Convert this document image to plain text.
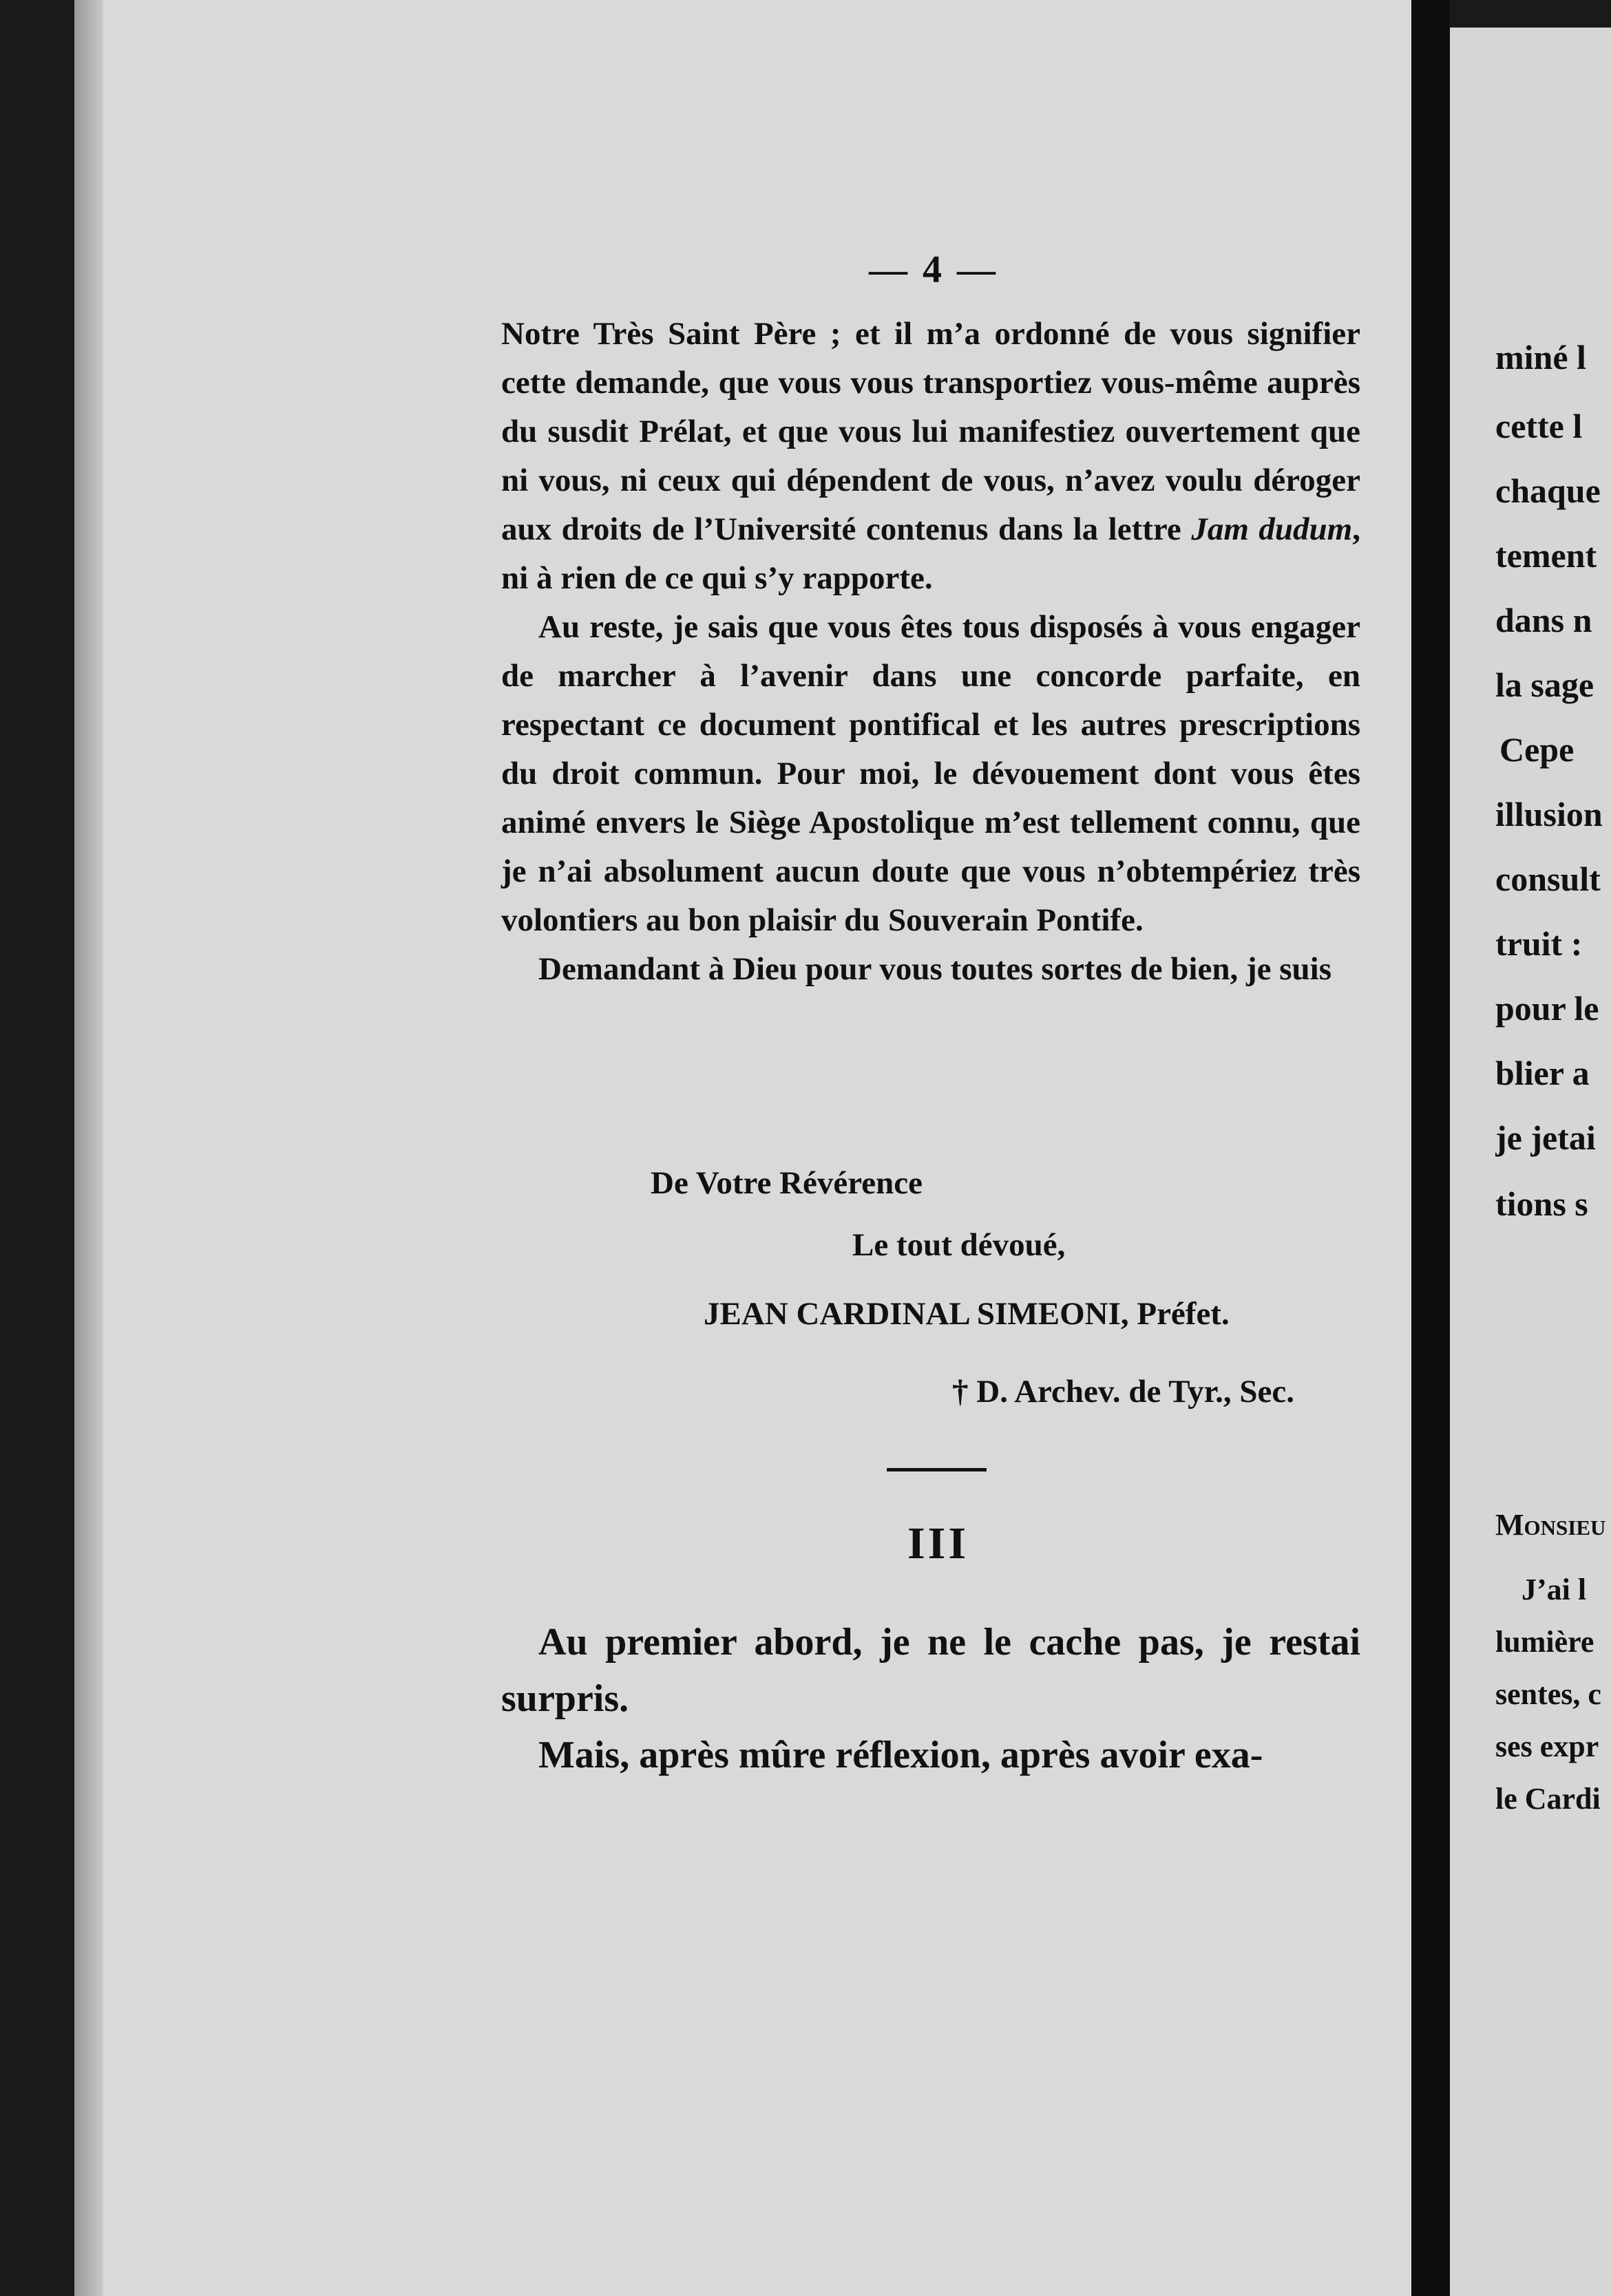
— 4 —

Notre Très Saint Père ; et il m’a ordonné de vous signifier cette demande, que vous vous transportiez vous-même auprès du susdit Prélat, et que vous lui manifestiez ouvertement que ni vous, ni ceux qui dépendent de vous, n’avez voulu déroger aux droits de l’Université contenus dans la lettre Jam dudum, ni à rien de ce qui s’y rapporte.

Au reste, je sais que vous êtes tous disposés à vous engager de marcher à l’avenir dans une concorde parfaite, en respectant ce document pontifical et les autres prescriptions du droit commun. Pour moi, le dévouement dont vous êtes animé envers le Siège Apostolique m’est tellement connu, que je n’ai absolument aucun doute que vous n’obtempériez très volontiers au bon plaisir du Souverain Pontife.

Demandant à Dieu pour vous toutes sortes de bien, je suis

De Votre Révérence
Le tout dévoué,
JEAN CARDINAL SIMEONI, Préfet.
† D. Archev. de Tyr., Sec.
III

Au premier abord, je ne le cache pas, je restai surpris.

Mais, après mûre réflexion, après avoir exa-

miné l
cette l
chaque
tement
dans n
la sage
Cepe
illusion
consult
truit :
pour le
blier a
je jetai
tions s
Monsieu
J’ai l
lumière
sentes, c
ses expr
le Cardi
